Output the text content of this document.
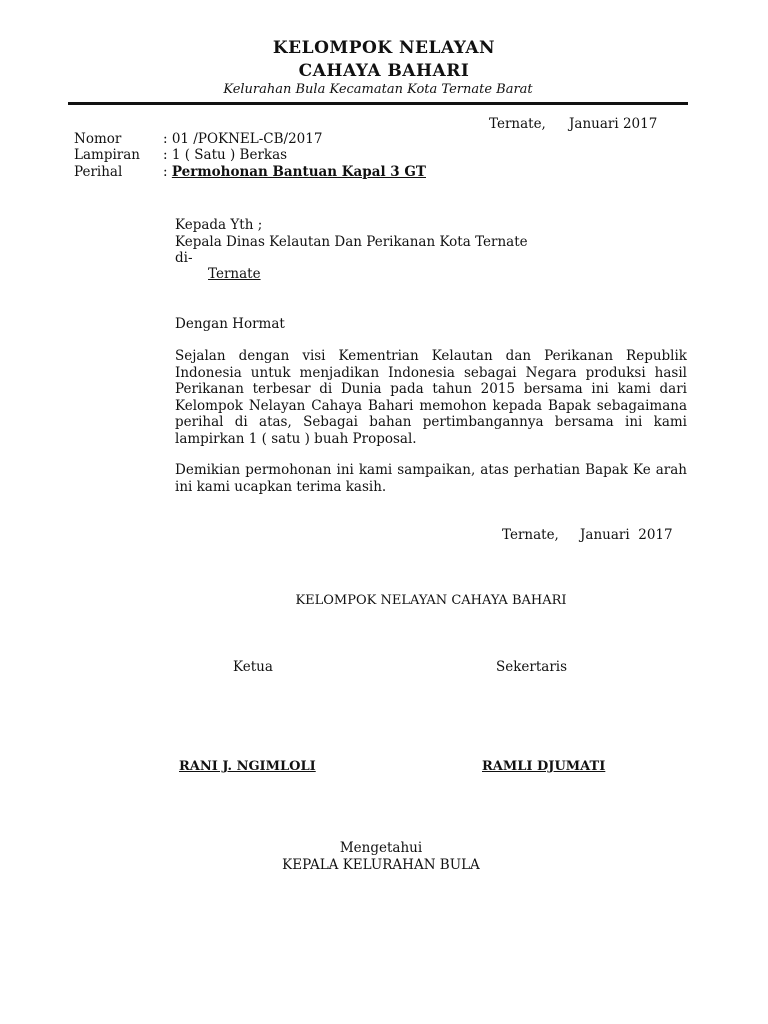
KELOMPOK NELAYAN
CAHAYA BAHARI
Kelurahan Bula Kecamatan Kota Ternate Barat
Ternate, Januari 2017
Nomor	: 01 /POKNEL-CB/2017
Lampiran : 1 ( Satu ) Berkas
Perihal	: Permohonan Bantuan Kapal 3 GT
Kepada Yth ;
Kepala Dinas Kelautan Dan Perikanan Kota Ternate
di-
Ternate
Dengan Hormat
Sejalan dengan visi Kementrian Kelautan dan Perikanan Republik Indonesia untuk menjadikan Indonesia sebagai Negara produksi hasil Perikanan terbesar di Dunia pada tahun 2015 bersama ini kami dari Kelompok Nelayan Cahaya Bahari memohon kepada Bapak sebagaimana perihal di atas, Sebagai bahan pertimbangannya bersama ini kami lampirkan 1 ( satu ) buah Proposal.
Demikian permohonan ini kami sampaikan, atas perhatian Bapak Ke arah ini kami ucapkan terima kasih.
Ternate, Januari  2017
KELOMPOK NELAYAN CAHAYA BAHARI
Ketua	Sekertaris
RANI J. NGIMLOLI	RAMLI DJUMATI
Mengetahui
KEPALA KELURAHAN BULA
